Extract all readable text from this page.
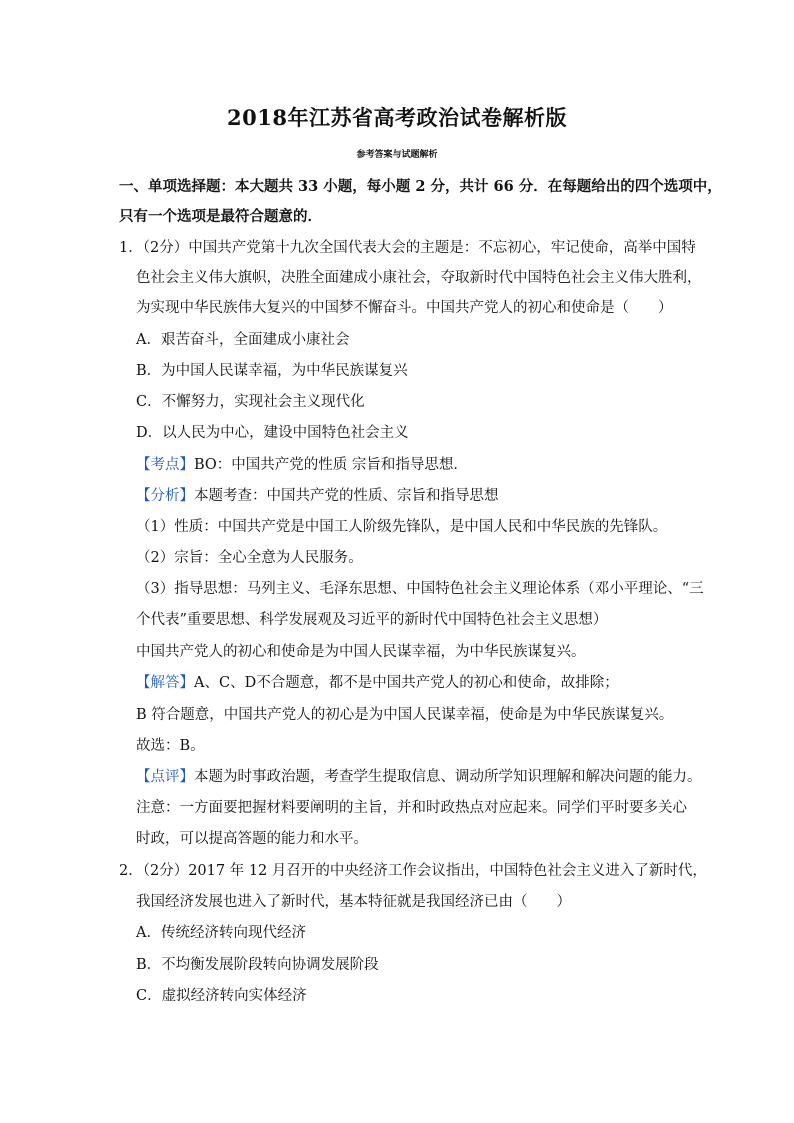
2018年江苏省高考政治试卷解析版
参考答案与试题解析
一、单项选择题：本大题共 33 小题，每小题 2 分，共计 66 分．在每题给出的四个选项中，
只有一个选项是最符合题意的．
1．（2分）中国共产党第十九次全国代表大会的主题是：不忘初心，牢记使命，高举中国特
色社会主义伟大旗帜，决胜全面建成小康社会，夺取新时代中国特色社会主义伟大胜利，
为实现中华民族伟大复兴的中国梦不懈奋斗。中国共产党人的初心和使命是（　　）
A．艰苦奋斗，全面建成小康社会
B．为中国人民谋幸福，为中华民族谋复兴
C．不懈努力，实现社会主义现代化
D．以人民为中心，建设中国特色社会主义
【考点】BO：中国共产党的性质 宗旨和指导思想．
【分析】本题考查：中国共产党的性质、宗旨和指导思想
（1）性质：中国共产党是中国工人阶级先锋队，是中国人民和中华民族的先锋队。
（2）宗旨：全心全意为人民服务。
（3）指导思想：马列主义、毛泽东思想、中国特色社会主义理论体系（邓小平理论、“三
个代表”重要思想、科学发展观及习近平的新时代中国特色社会主义思想）
中国共产党人的初心和使命是为中国人民谋幸福，为中华民族谋复兴。
【解答】A、C、D不合题意，都不是中国共产党人的初心和使命，故排除；
B 符合题意，中国共产党人的初心是为中国人民谋幸福，使命是为中华民族谋复兴。
故选：B。
【点评】本题为时事政治题，考查学生提取信息、调动所学知识理解和解决问题的能力。
注意：一方面要把握材料要阐明的主旨，并和时政热点对应起来。同学们平时要多关心
时政，可以提高答题的能力和水平。
2．（2分）2017 年 12 月召开的中央经济工作会议指出，中国特色社会主义进入了新时代，
我国经济发展也进入了新时代，基本特征就是我国经济已由（　　）
A．传统经济转向现代经济
B．不均衡发展阶段转向协调发展阶段
C．虚拟经济转向实体经济
